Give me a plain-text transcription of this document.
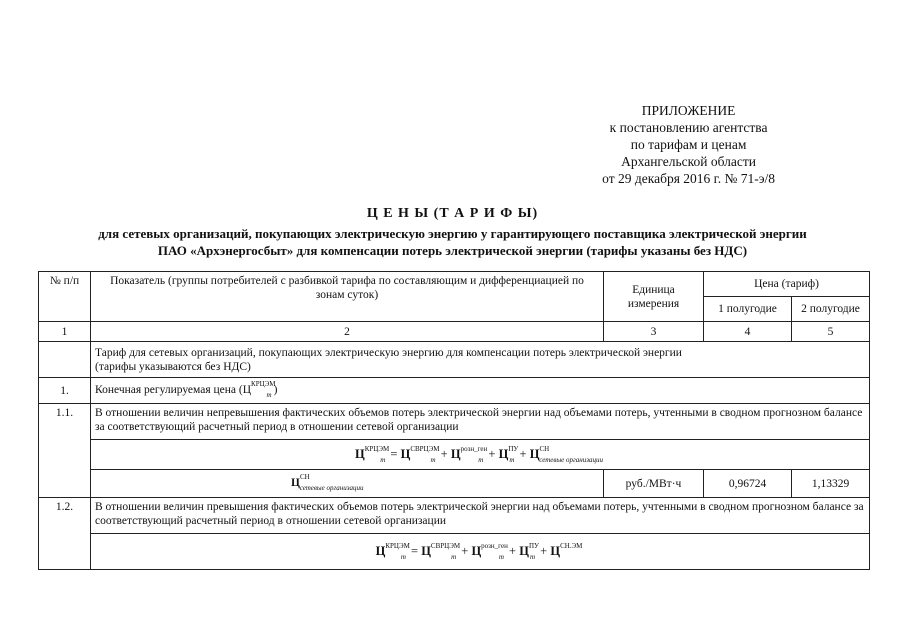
ПРИЛОЖЕНИЕ
к постановлению агентства
по тарифам и ценам
Архангельской области
от 29 декабря 2016 г. № 71-э/8
Ц Е Н Ы (Т А Р И Ф Ы)
для сетевых организаций, покупающих электрическую энергию у гарантирующего поставщика электрической энергии
ПАО «Архэнергосбыт» для компенсации потерь электрической энергии (тарифы указаны без НДС)
№ п/п	Показатель (группы потребителей с разбивкой тарифа по составляющим и дифференциацией по зонам суток)	Единица измерения	Цена (тариф)	
			1 полугодие	2 полугодие
1	2	3	4	5

	Тариф для сетевых организаций, покупающих электрическую энергию для компенсации потерь электрической энергии (тарифы указываются без НДС)			

1.	Конечная регулируемая цена ($Ц^{КРЦЭМ}_m$ )			
1.1.	В отношении величин непревышения фактических объемов потерь электрической энергии над объемами потерь, учтенными в сводном прогнозном балансе за соответствующий расчетный период в отношении сетевой организации			
	$Ц^{КРЦЭМ}_m = Ц^{СВРЦЭМ}_m + Ц^{розн\_ген}_m + Ц^{ПУ}_m + Ц^{СН}_{сетевые организации}$
	$Ц^{СН}_{сетевые организации}$	руб./МВт·ч	0,96724	1,13329
1.2.	В отношении величин превышения фактических объемов потерь электрической энергии над объемами потерь, учтенными в сводном прогнозном балансе за соответствующий расчетный период в отношении сетевой организации			
	$Ц^{КРЦЭМ}_m = Ц^{СВРЦЭМ}_m + Ц^{розн\_ген}_m + Ц^{ПУ}_m + Ц^{СН.ЭМ}$
